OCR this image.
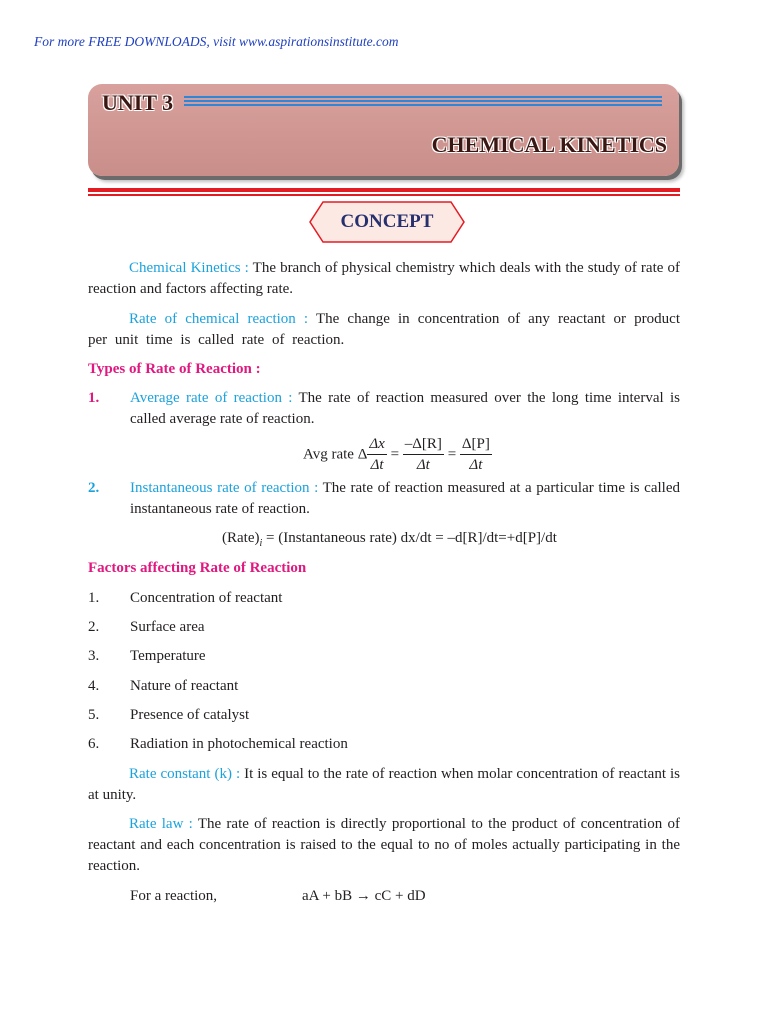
For more FREE DOWNLOADS, visit www.aspirationsinstitute.com
UNIT 3
CHEMICAL KINETICS
CONCEPT
Chemical Kinetics : The branch of physical chemistry which deals with the study of rate of reaction and factors affecting rate.
Rate of chemical reaction : The change in concentration of any reactant or product per unit time is called rate of reaction.
Types of Rate of Reaction :
1. Average rate of reaction : The rate of reaction measured over the long time interval is called average rate of reaction.
Avg rate Δ $\frac{\Delta x}{\Delta t} = \frac{-\Delta[R]}{\Delta t} = \frac{\Delta[P]}{\Delta t}$
2. Instantaneous rate of reaction : The rate of reaction measured at a particular time is called instantaneous rate of reaction.
$(Rate)_i$ = (Instantaneous rate) dx/dt = –d[R]/dt=+d[P]/dt
Factors affecting Rate of Reaction
1. Concentration of reactant
2. Surface area
3. Temperature
4. Nature of reactant
5. Presence of catalyst
6. Radiation in photochemical reaction
Rate constant (k) : It is equal to the rate of reaction when molar concentration of reactant is at unity.
Rate law : The rate of reaction is directly proportional to the product of concentration of reactant and each concentration is raised to the equal to no of moles actually participating in the reaction.
For a reaction,	aA + bB → cC + dD
